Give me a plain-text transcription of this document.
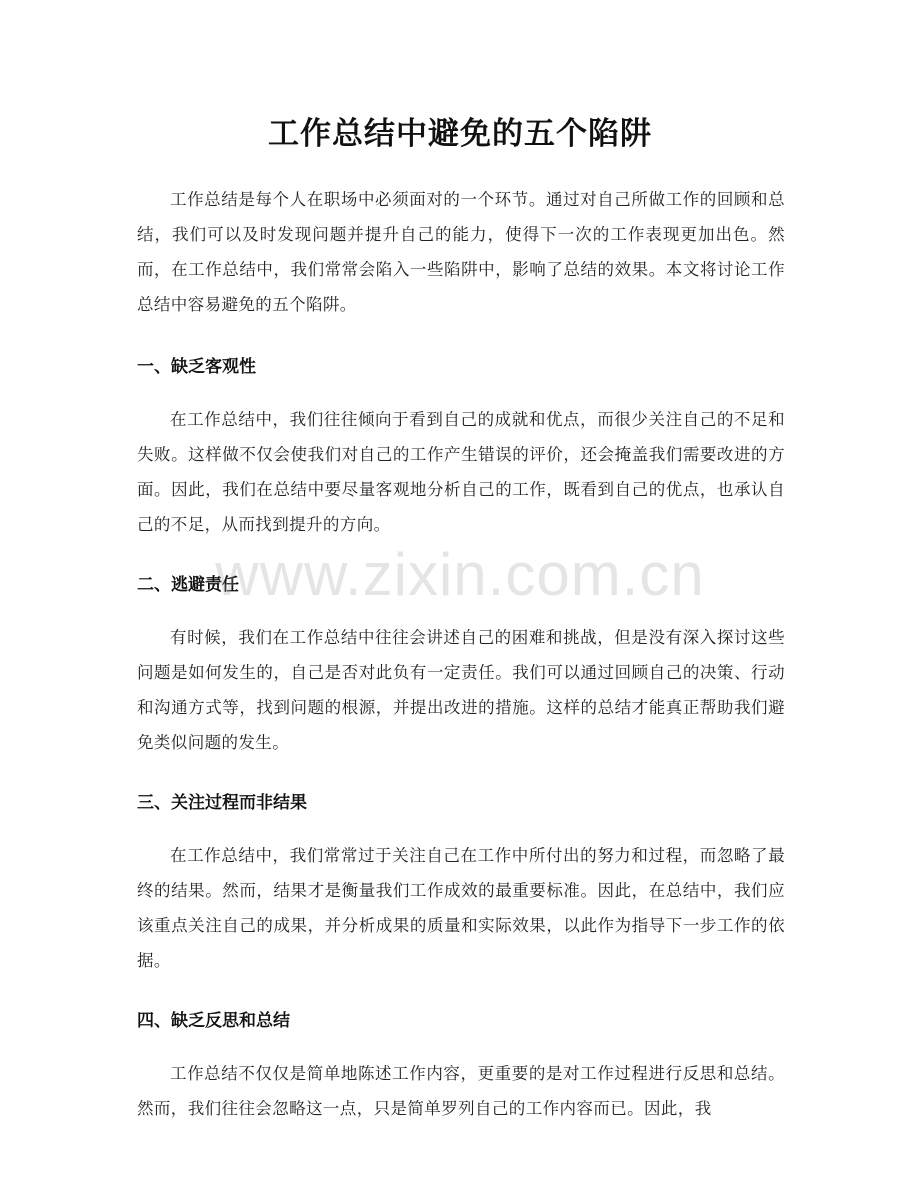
工作总结中避免的五个陷阱

工作总结是每个人在职场中必须面对的一个环节。通过对自己所做工作的回顾和总结，我们可以及时发现问题并提升自己的能力，使得下一次的工作表现更加出色。然而，在工作总结中，我们常常会陷入一些陷阱中，影响了总结的效果。本文将讨论工作总结中容易避免的五个陷阱。

一、缺乏客观性

在工作总结中，我们往往倾向于看到自己的成就和优点，而很少关注自己的不足和失败。这样做不仅会使我们对自己的工作产生错误的评价，还会掩盖我们需要改进的方面。因此，我们在总结中要尽量客观地分析自己的工作，既看到自己的优点，也承认自己的不足，从而找到提升的方向。

二、逃避责任

有时候，我们在工作总结中往往会讲述自己的困难和挑战，但是没有深入探讨这些问题是如何发生的，自己是否对此负有一定责任。我们可以通过回顾自己的决策、行动和沟通方式等，找到问题的根源，并提出改进的措施。这样的总结才能真正帮助我们避免类似问题的发生。

三、关注过程而非结果

在工作总结中，我们常常过于关注自己在工作中所付出的努力和过程，而忽略了最终的结果。然而，结果才是衡量我们工作成效的最重要标准。因此，在总结中，我们应该重点关注自己的成果，并分析成果的质量和实际效果，以此作为指导下一步工作的依据。

四、缺乏反思和总结

工作总结不仅仅是简单地陈述工作内容，更重要的是对工作过程进行反思和总结。然而，我们往往会忽略这一点，只是简单罗列自己的工作内容而已。因此，我

www.zixin.com.cn
